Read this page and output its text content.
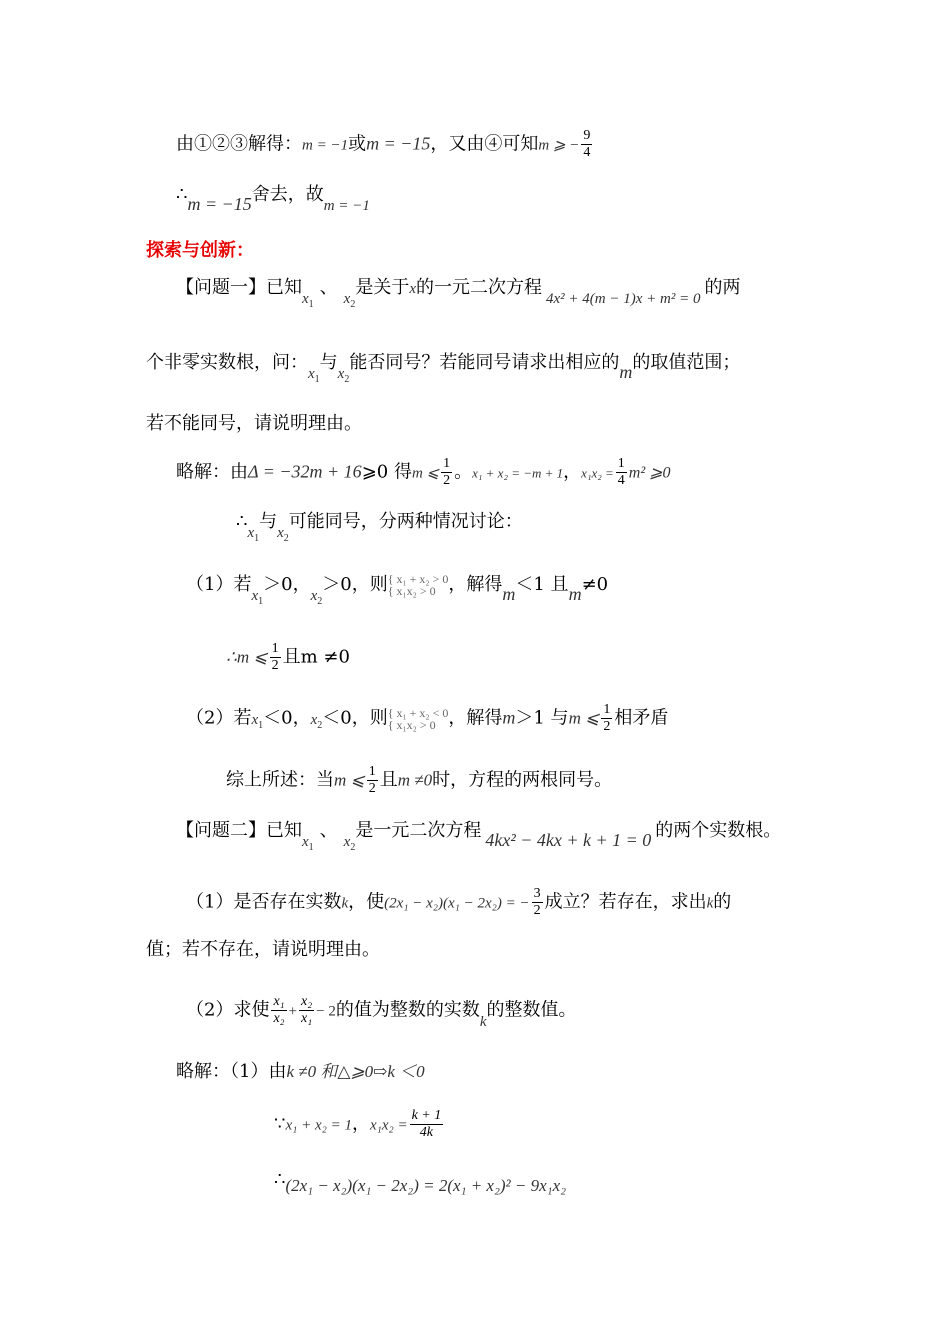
由①②③解得：m = −1或m = −15，又由④可知m ⩾ − $\frac{9}{4}$
∴m = −15舍去，故$_{m = -1}$
探索与创新：
【问题一】已知$_{x_1}$、$_{x_2}$是关于x的一元二次方程$_{4x^2 + 4(m - 1)x + m^2 = 0}$的两
个非零实数根，问：$_{x_1}$与$_{x_2}$能否同号？若能同号请求出相应的m的取值范围；
若不能同号，请说明理由。
略解：由Δ = −32m + 16⩾0 得m ⩽ $\frac{1}{2}$ 。x₁ + x₂ = −m + 1，$x_1x_2 = \frac{1}{4} m^2$ ⩾0
$\therefore_{x_1}$与$_{x_2}$可能同号，分两种情况讨论：
（1）若$_{x_1}$＞0，$_{x_2}$＞0，则{ x₁ + x₂ > 0
{ x₁x₂ > 0 ，解得m＜1 且m≠0
∴m ⩽ $\frac{1}{2}$ 且m ≠0
（2）若$x_1<0$，$x_2<0$，则{ x₁ + x₂ < 0
{ x₁x₂ > 0 ，解得m＞1 与m ⩽ $\frac{1}{2}$ 相矛盾
综上所述：当m ⩽ $\frac{1}{2}$ 且m ≠0时，方程的两根同号。
【问题二】已知$_{x_1}$、$_{x_2}$是一元二次方程 4kx² − 4kx + k + 1 = 0 的两个实数根。
（1）是否存在实数k，使(2x₁ − x₂)(x₁ − 2x₂) = − $\frac{3}{2}$ 成立？若存在，求出k的
值；若不存在，请说明理由。
（2）求使 $\frac{\text{x₁}}{\text{x₂}} + \frac{\text{x₂}}{\text{x₁}} - 2$的值为整数的实数$_k$的整数值。
略解：（1）由k ≠0 和△⩾0⇨k ＜0
∵x₁ + x₂ = 1，$x_1x_2 = \frac{k + 1}{4k}$
∴(2x₁ − x₂)(x₁ − 2x₂) = 2(x₁ + x₂)² − 9x₁x₂
